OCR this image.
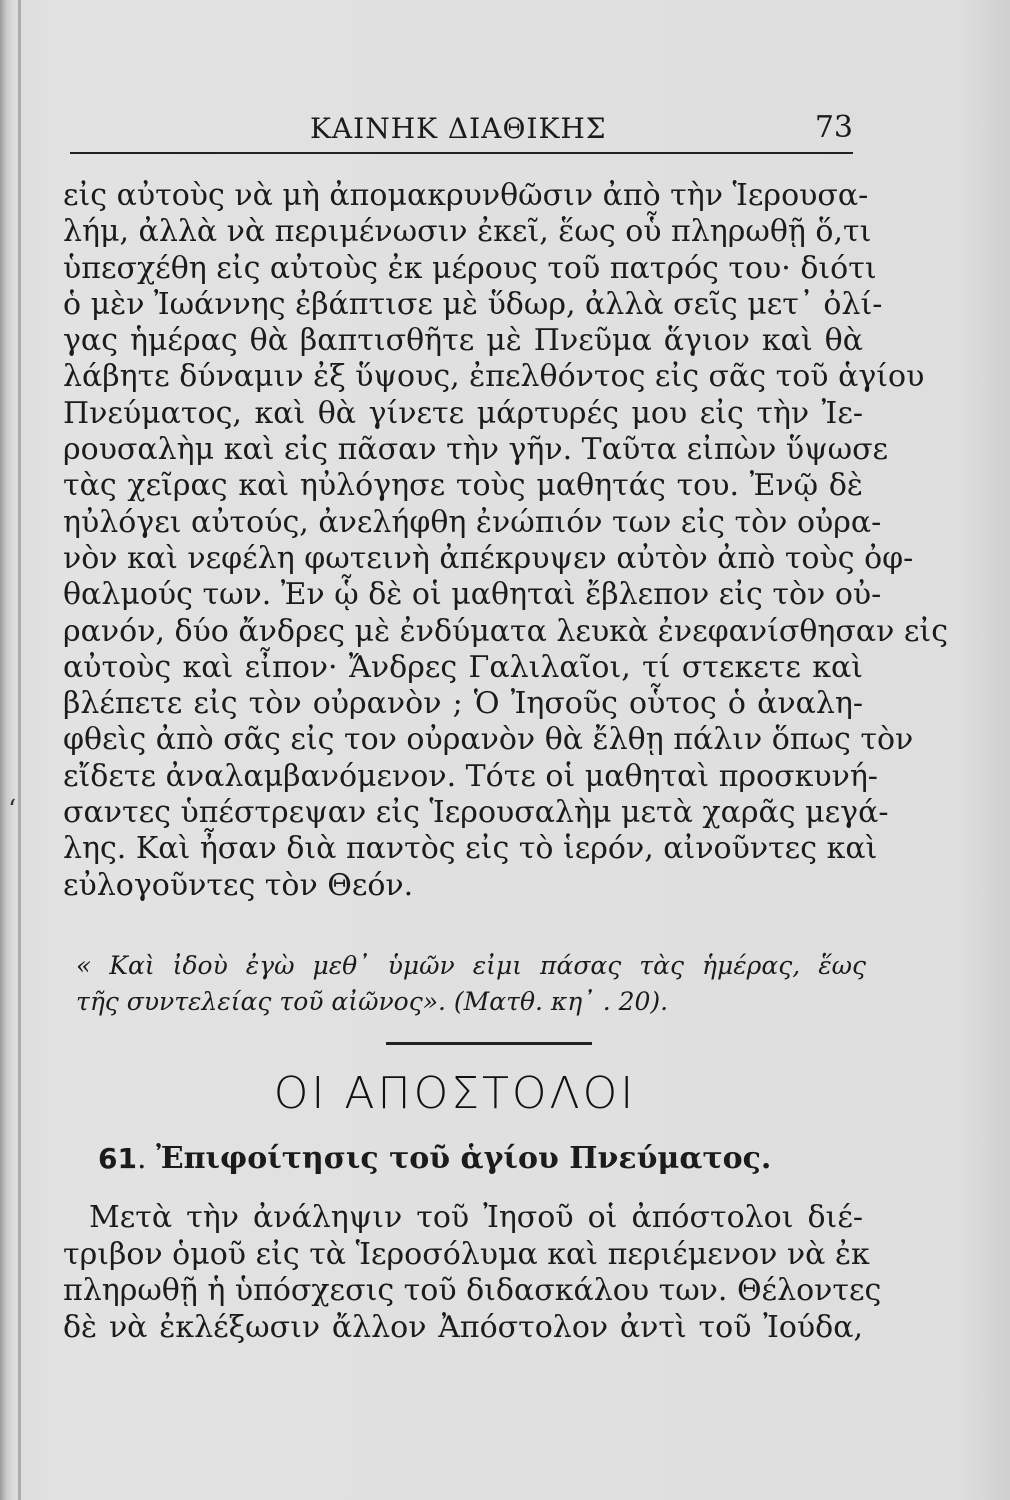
ΚΑΙΝΗΚ ΔΙΑΘΙΚΗΣ	73
εἰς αὐτοὺς νὰ μὴ ἀπομακρυνθῶσιν ἀπὸ τὴν Ἱερουσα-
λήμ, ἀλλὰ νὰ περιμένωσιν ἐκεῖ, ἕως οὗ πληρωθῇ ὅ,τι
ὑπεσχέθη εἰς αὐτοὺς ἐκ μέρους τοῦ πατρός του· διότι
ὁ μὲν Ἰωάννης ἐβάπτισε μὲ ὕδωρ, ἀλλὰ σεῖς μετ᾽ ὀλί-
γας ἡμέρας θὰ βαπτισθῆτε μὲ Πνεῦμα ἅγιον καὶ θὰ
λάβητε δύναμιν ἐξ ὕψους, ἐπελθόντος εἰς σᾶς τοῦ ἁγίου
Πνεύματος, καὶ θὰ γίνετε μάρτυρές μου εἰς τὴν Ἰε-
ρουσαλὴμ καὶ εἰς πᾶσαν τὴν γῆν. Ταῦτα εἰπὼν ὕψωσε
τὰς χεῖρας καὶ ηὐλόγησε τοὺς μαθητάς του. Ἐνῷ δὲ
ηὐλόγει αὐτούς, ἀνελήφθη ἐνώπιόν των εἰς τὸν οὐρα-
νὸν καὶ νεφέλη φωτεινὴ ἀπέκρυψεν αὐτὸν ἀπὸ τοὺς ὀφ-
θαλμούς των. Ἐν ᾧ δὲ οἱ μαθηταὶ ἔβλεπον εἰς τὸν οὐ-
ρανόν, δύο ἄνδρες μὲ ἐνδύματα λευκὰ ἐνεφανίσθησαν εἰς
αὐτοὺς καὶ εἶπον· Ἄνδρες Γαλιλαῖοι, τί στεκετε καὶ
βλέπετε εἰς τὸν οὐρανὸν ; Ὁ Ἰησοῦς οὗτος ὁ ἀναλη-
φθεὶς ἀπὸ σᾶς εἰς τον οὐρανὸν θὰ ἔλθῃ πάλιν ὅπως τὸν
εἴδετε ἀναλαμβανόμενον. Τότε οἱ μαθηταὶ προσκυνή-
σαντες ὑπέστρεψαν εἰς Ἱερουσαλὴμ μετὰ χαρᾶς μεγά-
λης. Καὶ ἦσαν διὰ παντὸς εἰς τὸ ἱερόν, αἰνοῦντες καὶ
εὐλογοῦντες τὸν Θεόν.
« Καὶ ἰδοὺ ἐγὼ μεθ᾽ ὑμῶν εἰμι πάσας τὰς ἡμέρας, ἕως
τῆς συντελείας τοῦ αἰῶνος». (Ματθ. κη᾽ . 20).
ΟΙ ΑΠΟΣΤΟΛΟΙ
61. Ἐπιφοίτησις τοῦ ἁγίου Πνεύματος.
Μετὰ τὴν ἀνάληψιν τοῦ Ἰησοῦ οἱ ἀπόστολοι διέ-
τριβον ὁμοῦ εἰς τὰ Ἱεροσόλυμα καὶ περιέμενον νὰ ἐκ
πληρωθῇ ἡ ὑπόσχεσις τοῦ διδασκάλου των. Θέλοντες
δὲ νὰ ἐκλέξωσιν ἄλλον Ἀπόστολον ἀντὶ τοῦ Ἰούδα,
‘
